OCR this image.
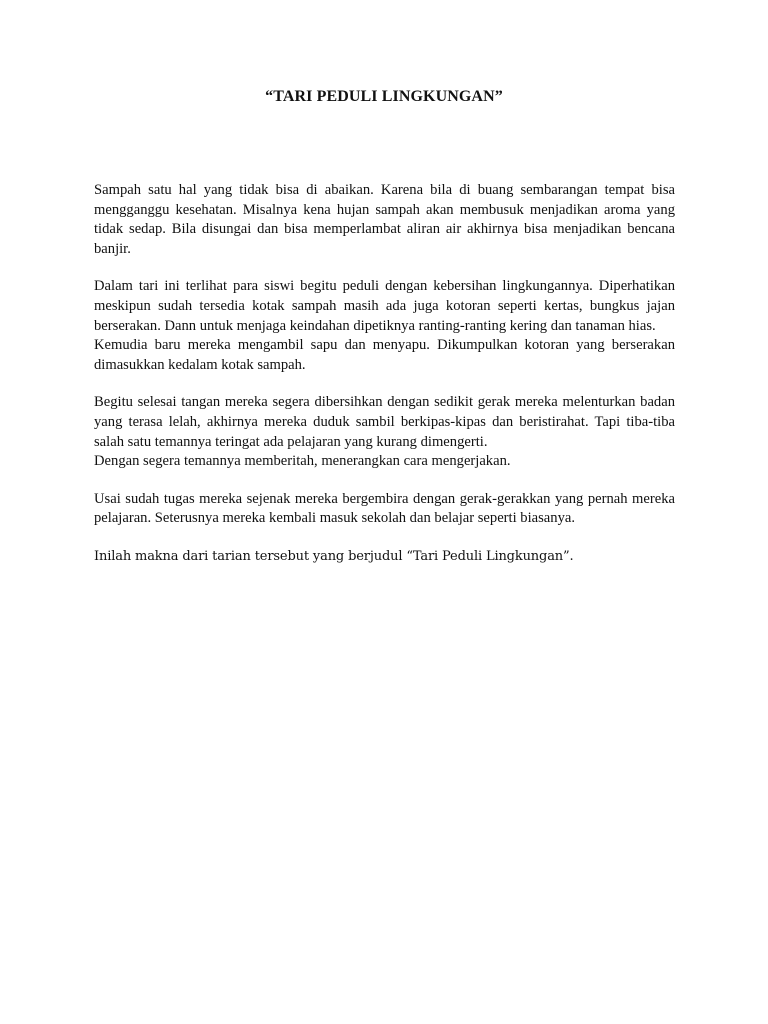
“TARI PEDULI LINGKUNGAN”

Sampah satu hal yang tidak bisa di abaikan. Karena bila di buang sembarangan tempat bisa mengganggu kesehatan. Misalnya kena hujan sampah akan membusuk menjadikan aroma yang tidak sedap. Bila disungai dan bisa memperlambat aliran air akhirnya bisa menjadikan bencana banjir.

Dalam tari ini terlihat para siswi begitu peduli dengan kebersihan lingkungannya. Diperhatikan meskipun sudah tersedia kotak sampah masih ada juga kotoran seperti kertas, bungkus jajan berserakan. Dann untuk menjaga keindahan dipetiknya ranting-ranting kering dan tanaman hias.

Kemudia baru mereka mengambil sapu dan menyapu. Dikumpulkan kotoran yang berserakan dimasukkan kedalam kotak sampah.

Begitu selesai tangan mereka segera dibersihkan dengan sedikit gerak mereka melenturkan badan yang terasa lelah, akhirnya mereka duduk sambil berkipas-kipas dan beristirahat. Tapi tiba-tiba salah satu temannya teringat ada pelajaran yang kurang dimengerti.

Dengan segera temannya memberitah, menerangkan cara mengerjakan.

Usai sudah tugas mereka sejenak mereka bergembira dengan gerak-gerakkan yang pernah mereka pelajaran. Seterusnya mereka kembali masuk sekolah dan belajar seperti biasanya.

Inilah makna dari tarian tersebut yang berjudul “Tari Peduli Lingkungan”.
